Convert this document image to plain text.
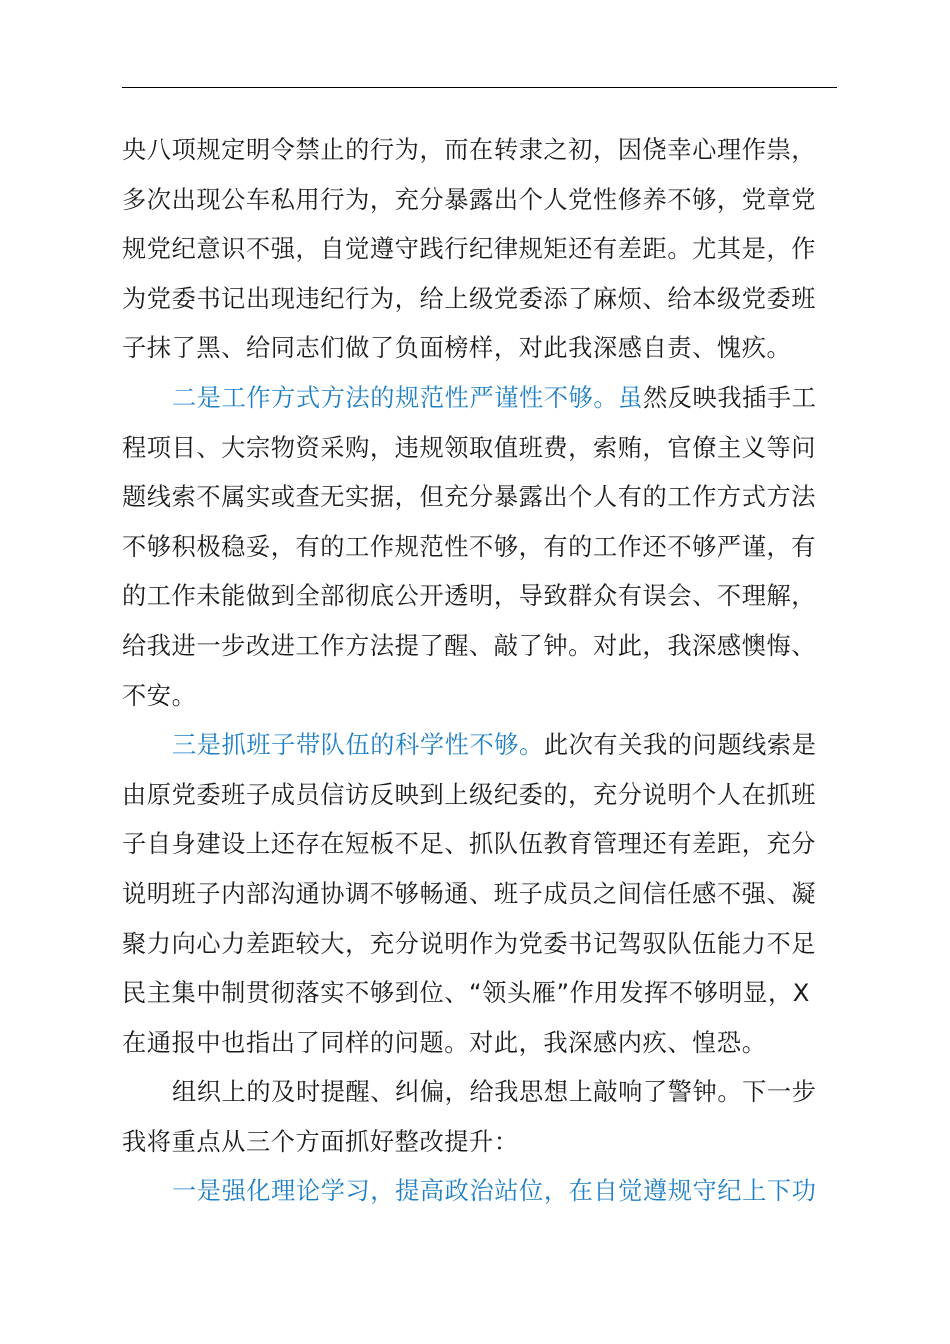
央八项规定明令禁止的行为，而在转隶之初，因侥幸心理作祟，
多次出现公车私用行为，充分暴露出个人党性修养不够，党章党
规党纪意识不强，自觉遵守践行纪律规矩还有差距。尤其是，作
为党委书记出现违纪行为，给上级党委添了麻烦、给本级党委班
子抹了黑、给同志们做了负面榜样，对此我深感自责、愧疚。

二是工作方式方法的规范性严谨性不够。虽然反映我插手工
程项目、大宗物资采购，违规领取值班费，索贿，官僚主义等问
题线索不属实或查无实据，但充分暴露出个人有的工作方式方法
不够积极稳妥，有的工作规范性不够，有的工作还不够严谨，有
的工作未能做到全部彻底公开透明，导致群众有误会、不理解，
给我进一步改进工作方法提了醒、敲了钟。对此，我深感懊悔、
不安。

三是抓班子带队伍的科学性不够。此次有关我的问题线索是
由原党委班子成员信访反映到上级纪委的，充分说明个人在抓班
子自身建设上还存在短板不足、抓队伍教育管理还有差距，充分
说明班子内部沟通协调不够畅通、班子成员之间信任感不强、凝
聚力向心力差距较大，充分说明作为党委书记驾驭队伍能力不足
民主集中制贯彻落实不够到位、“领头雁”作用发挥不够明显，X
在通报中也指出了同样的问题。对此，我深感内疚、惶恐。

组织上的及时提醒、纠偏，给我思想上敲响了警钟。下一步
我将重点从三个方面抓好整改提升：

一是强化理论学习，提高政治站位，在自觉遵规守纪上下功
